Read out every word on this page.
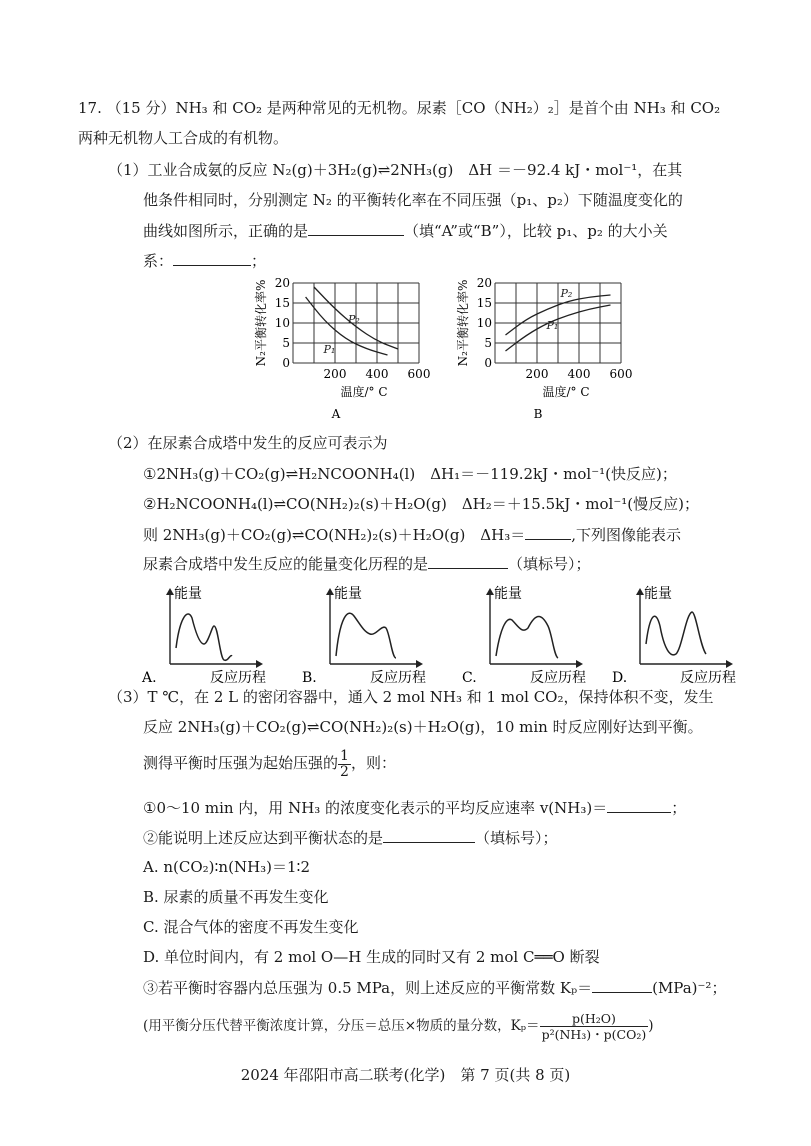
17. （15 分）NH₃ 和 CO₂ 是两种常见的无机物。尿素［CO（NH₂）₂］是首个由 NH₃ 和 CO₂
两种无机物人工合成的有机物。
（1）工业合成氨的反应 N₂(g)＋3H₂(g)⇌2NH₃(g)　ΔH ＝－92.4 kJ・mol⁻¹，在其
他条件相同时，分别测定 N₂ 的平衡转化率在不同压强（p₁、p₂）下随温度变化的
曲线如图所示，正确的是	（填“A”或“B”），比较 p₁、p₂ 的大小关
系：	；
0
5
10
15
20
200 400 600
N₂平衡转化率%
温度/° C
A
P₂
P₁
0
5
10
15
20
200 400 600
N₂平衡转化率%
温度/° C
B
P₂
P₁
（2）在尿素合成塔中发生的反应可表示为
①2NH₃(g)＋CO₂(g)⇌H₂NCOONH₄(l)　ΔH₁＝－119.2kJ・mol⁻¹(快反应)；
②H₂NCOONH₄(l)⇌CO(NH₂)₂(s)＋H₂O(g)　ΔH₂＝＋15.5kJ・mol⁻¹(慢反应)；
则 2NH₃(g)＋CO₂(g)⇌CO(NH₂)₂(s)＋H₂O(g)　ΔH₃＝	,下列图像能表示
尿素合成塔中发生反应的能量变化历程的是	（填标号）；
能量
反应历程
A.
能量
反应历程
B.
能量
反应历程
C.
能量
反应历程
D.
（3）T ℃，在 2 L 的密闭容器中，通入 2 mol NH₃ 和 1 mol CO₂，保持体积不变，发生
反应 2NH₃(g)＋CO₂(g)⇌CO(NH₂)₂(s)＋H₂O(g)，10 min 时反应刚好达到平衡。
测得平衡时压强为起始压强的 $\frac{1}{2}$ ，则：
①0～10 min 内，用 NH₃ 的浓度变化表示的平均反应速率 v(NH₃)＝	；
②能说明上述反应达到平衡状态的是	（填标号）；
A. n(CO₂)∶n(NH₃)＝1∶2
B. 尿素的质量不再发生变化
C. 混合气体的密度不再发生变化
D. 单位时间内，有 2 mol O—H 生成的同时又有 2 mol C══O 断裂
③若平衡时容器内总压强为 0.5 MPa，则上述反应的平衡常数 Kₚ＝	(MPa)⁻²；
(用平衡分压代替平衡浓度计算，分压＝总压×物质的量分数，$K_p= \frac{\text{p(H₂O)}}{\text{p²(NH₃)・p(CO₂)}}$ )
2024 年邵阳市高二联考(化学)　第 7 页(共 8 页)
